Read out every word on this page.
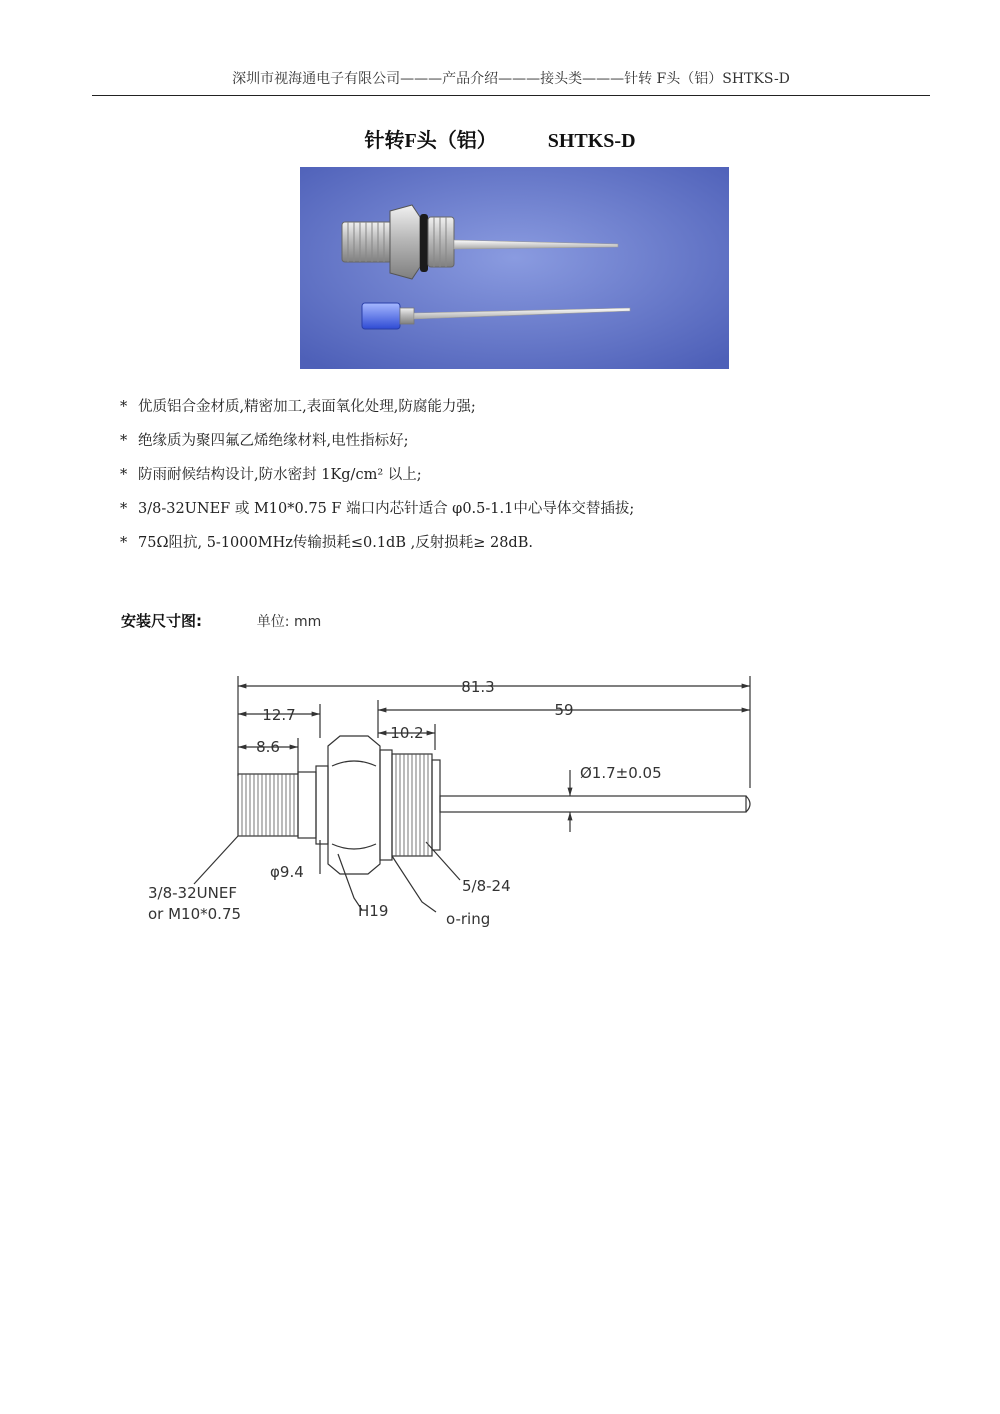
深圳市视海通电子有限公司———产品介绍———接头类———针转 F头（铝）SHTKS-D
针转F头（铝）	SHTKS-D
* 优质铝合金材质,精密加工,表面氧化处理,防腐能力强;
* 绝缘质为聚四氟乙烯绝缘材料,电性指标好;
* 防雨耐候结构设计,防水密封 1Kg/cm² 以上;
* 3/8-32UNEF 或 M10*0.75 F 端口内芯针适合 φ0.5-1.1中心导体交替插拔;
* 75Ω阻抗, 5-1000MHz传输损耗≤0.1dB ,反射损耗≥ 28dB.
安装尺寸图:	单位: mm
81.3
59
12.7
8.6
10.2
Ø1.7±0.05
φ9.4
3/8-32UNEF
or M10*0.75	H19
5/8-24
o-ring
